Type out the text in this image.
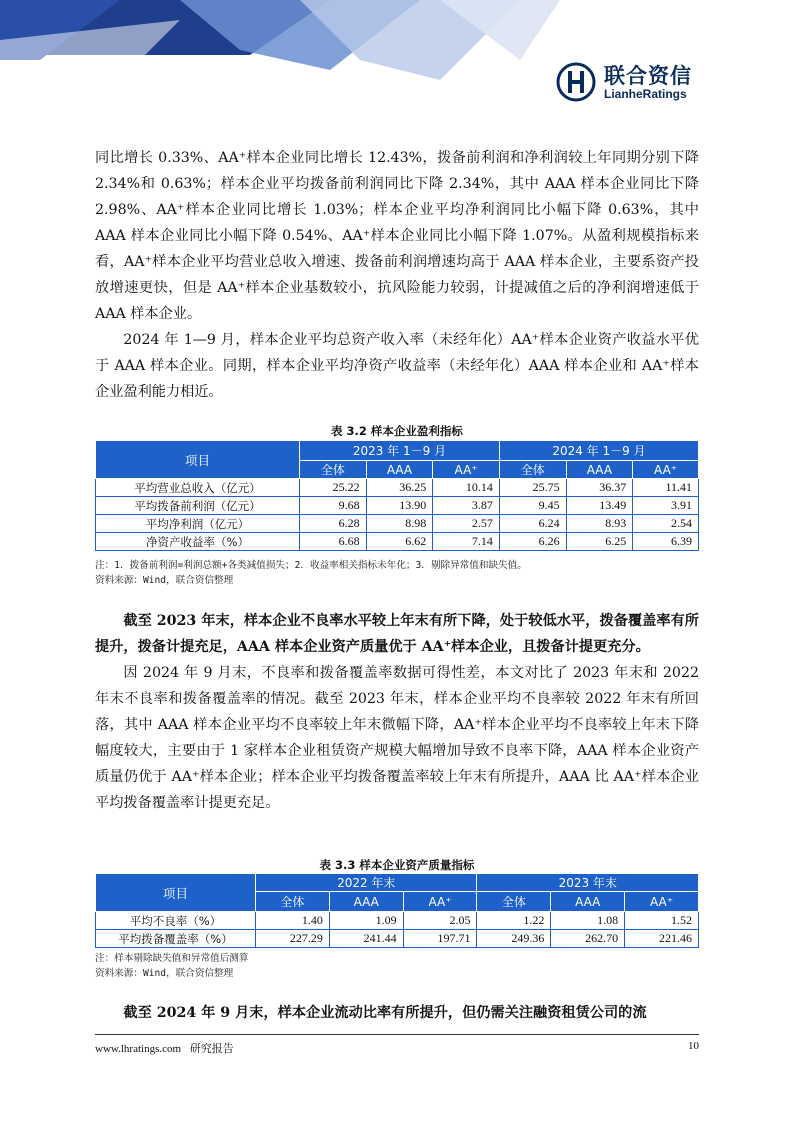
联合资信
LianheRatings
同比增长 0.33%、AA⁺样本企业同比增长 12.43%，拨备前利润和净利润较上年同期分别下降 2.34%和 0.63%；样本企业平均拨备前利润同比下降 2.34%，其中 AAA 样本企业同比下降 2.98%、AA⁺样本企业同比增长 1.03%；样本企业平均净利润同比小幅下降 0.63%，其中 AAA 样本企业同比小幅下降 0.54%、AA⁺样本企业同比小幅下降 1.07%。从盈利规模指标来看，AA⁺样本企业平均营业总收入增速、拨备前利润增速均高于 AAA 样本企业，主要系资产投放增速更快，但是 AA⁺样本企业基数较小，抗风险能力较弱，计提减值之后的净利润增速低于 AAA 样本企业。
2024 年 1—9 月，样本企业平均总资产收入率（未经年化）AA⁺样本企业资产收益水平优于 AAA 样本企业。同期，样本企业平均净资产收益率（未经年化）AAA 样本企业和 AA⁺样本企业盈利能力相近。
表 3.2 样本企业盈利指标
项目	2023 年 1－9 月			2024 年 1－9 月		
	全体	AAA	AA⁺	全体	AAA	AA⁺
平均营业总收入（亿元）	25.22	36.25	10.14	25.75	36.37	11.41
平均拨备前利润（亿元）	9.68	13.90	3.87	9.45	13.49	3.91
平均净利润（亿元）	6.28	8.98	2.57	6.24	8.93	2.54
净资产收益率（%）	6.68	6.62	7.14	6.26	6.25	6.39
注：1．拨备前利润=利润总额+各类减值损失；2．收益率相关指标未年化；3．剔除异常值和缺失值。
资料来源：Wind，联合资信整理
截至 2023 年末，样本企业不良率水平较上年末有所下降，处于较低水平，拨备覆盖率有所提升，拨备计提充足，AAA 样本企业资产质量优于 AA⁺样本企业，且拨备计提更充分。
因 2024 年 9 月末，不良率和拨备覆盖率数据可得性差，本文对比了 2023 年末和 2022 年末不良率和拨备覆盖率的情况。截至 2023 年末，样本企业平均不良率较 2022 年末有所回落，其中 AAA 样本企业平均不良率较上年末微幅下降，AA⁺样本企业平均不良率较上年末下降幅度较大，主要由于 1 家样本企业租赁资产规模大幅增加导致不良率下降，AAA 样本企业资产质量仍优于 AA⁺样本企业；样本企业平均拨备覆盖率较上年末有所提升，AAA 比 AA⁺样本企业平均拨备覆盖率计提更充足。
表 3.3 样本企业资产质量指标
项目	2022 年末			2023 年末		
	全体	AAA	AA⁺	全体	AAA	AA⁺
平均不良率（%）	1.40	1.09	2.05	1.22	1.08	1.52
平均拨备覆盖率（%）	227.29	241.44	197.71	249.36	262.70	221.46
注：样本剔除缺失值和异常值后测算
资料来源：Wind，联合资信整理
截至 2024 年 9 月末，样本企业流动比率有所提升，但仍需关注融资租赁公司的流
www.lhratings.com 研究报告	10
